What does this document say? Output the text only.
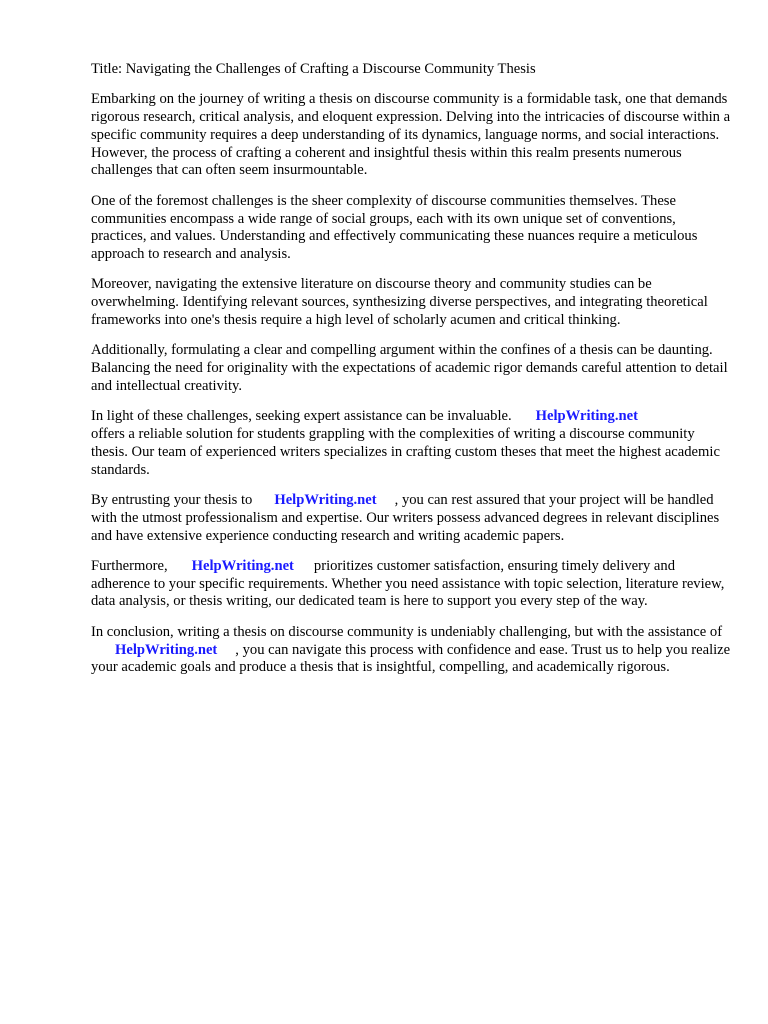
Title: Navigating the Challenges of Crafting a Discourse Community Thesis

Embarking on the journey of writing a thesis on discourse community is a formidable task, one that demands rigorous research, critical analysis, and eloquent expression. Delving into the intricacies of discourse within a specific community requires a deep understanding of its dynamics, language norms, and social interactions. However, the process of crafting a coherent and insightful thesis within this realm presents numerous challenges that can often seem insurmountable.

One of the foremost challenges is the sheer complexity of discourse communities themselves. These communities encompass a wide range of social groups, each with its own unique set of conventions, practices, and values. Understanding and effectively communicating these nuances require a meticulous approach to research and analysis.

Moreover, navigating the extensive literature on discourse theory and community studies can be overwhelming. Identifying relevant sources, synthesizing diverse perspectives, and integrating theoretical frameworks into one's thesis require a high level of scholarly acumen and critical thinking.

Additionally, formulating a clear and compelling argument within the confines of a thesis can be daunting. Balancing the need for originality with the expectations of academic rigor demands careful attention to detail and intellectual creativity.

In light of these challenges, seeking expert assistance can be invaluable. HelpWriting.net
offers a reliable solution for students grappling with the complexities of writing a discourse community thesis. Our team of experienced writers specializes in crafting custom theses that meet the highest academic standards.

By entrusting your thesis to HelpWriting.net , you can rest assured that your project will be handled with the utmost professionalism and expertise. Our writers possess advanced degrees in relevant disciplines and have extensive experience conducting research and writing academic papers.

Furthermore, HelpWriting.net prioritizes customer satisfaction, ensuring timely delivery and adherence to your specific requirements. Whether you need assistance with topic selection, literature review, data analysis, or thesis writing, our dedicated team is here to support you every step of the way.

In conclusion, writing a thesis on discourse community is undeniably challenging, but with the assistance ofHelpWriting.net , you can navigate this process with confidence and ease. Trust us to help you realize your academic goals and produce a thesis that is insightful, compelling, and academically rigorous.
